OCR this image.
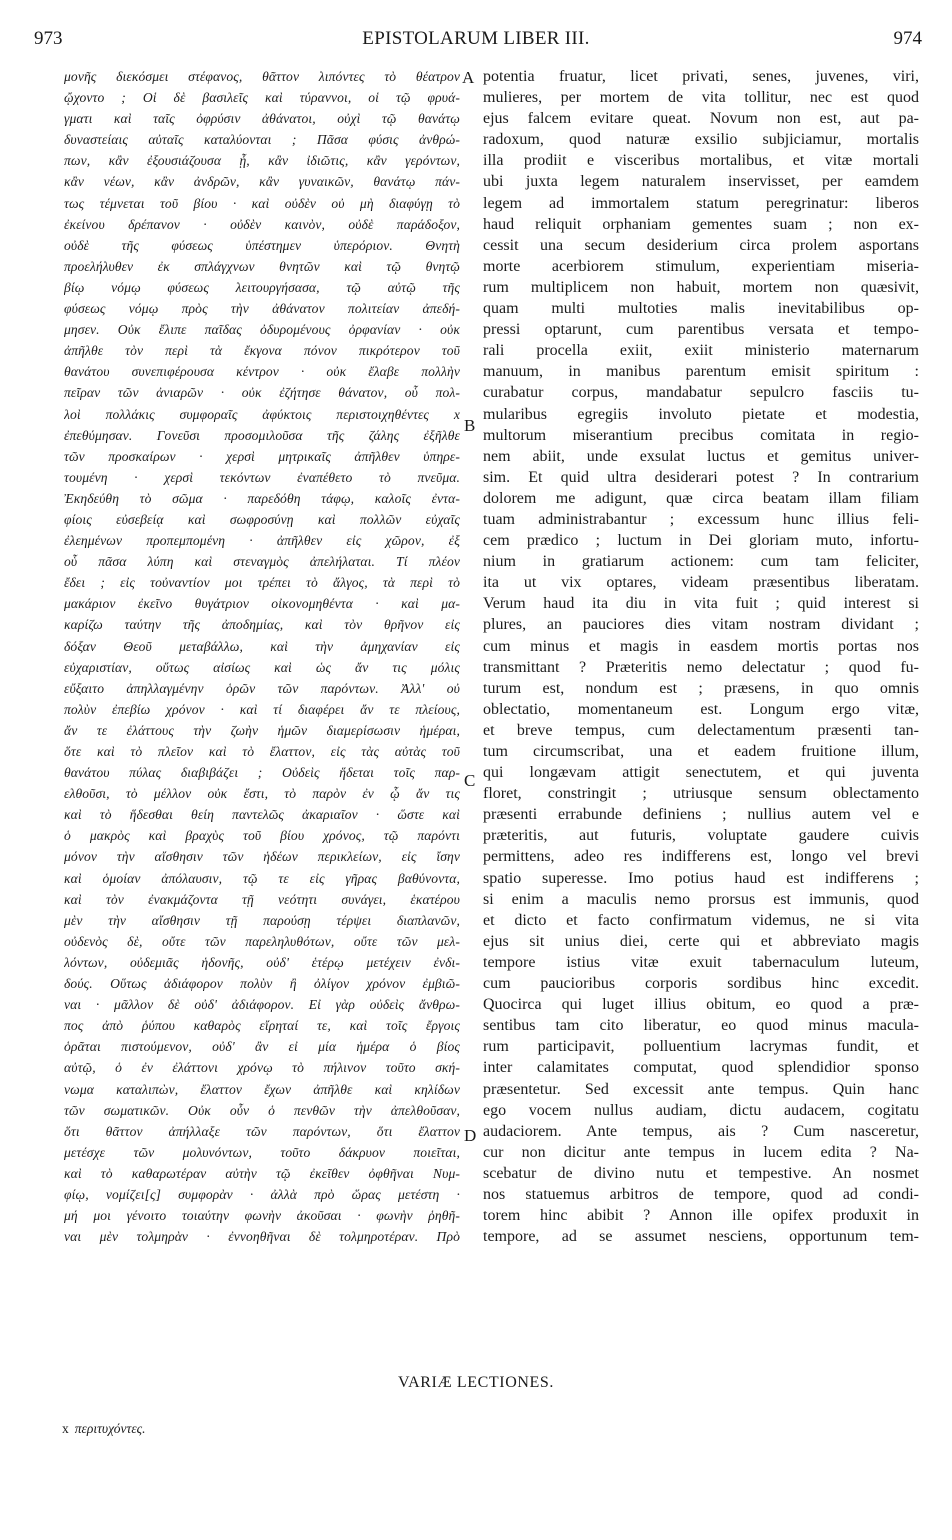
973	EPISTOLARUM LIBER III.	974
μονῆς διεκόσμει στέφανος, θᾶττον λιπόντες τὸ θέατρον
ᾤχοντο ; Οἱ δὲ βασιλεῖς καὶ τύραννοι, οἱ τῷ φρυά-
γματι καὶ ταῖς ὀφρύσιν ἀθάνατοι, οὐχὶ τῷ θανάτῳ
δυναστείαις αὐταῖς καταλύονται ; Πᾶσα φύσις ἀνθρώ-
πων, κἂν ἐξουσιάζουσα ᾖ, κἂν ἰδιῶτις, κἂν γερόντων,
κἂν νέων, κἂν ἀνδρῶν, κἂν γυναικῶν, θανάτῳ πάν-
τως τέμνεται τοῦ βίου · καὶ οὐδὲν οὐ μὴ διαφύγῃ τὸ
ἐκείνου δρέπανον · οὐδὲν καινὸν, οὐδὲ παράδοξον,
οὐδὲ τῆς φύσεως ὑπέστημεν ὑπερόριον. Θνητὴ
προελήλυθεν ἐκ σπλάγχνων θνητῶν καὶ τῷ θνητῷ
βίῳ νόμῳ φύσεως λειτουργήσασα, τῷ αὐτῷ τῆς
φύσεως νόμῳ πρὸς τὴν ἀθάνατον πολιτείαν ἀπεδή-
μησεν. Οὐκ ἔλιπε παῖδας ὀδυρομένους ὀρφανίαν · οὐκ
ἀπῆλθε τὸν περὶ τὰ ἔκγονα πόνον πικρότερον τοῦ
θανάτου συνεπιφέρουσα κέντρον · οὐκ ἔλαβε πολλὴν
πεῖραν τῶν ἀνιαρῶν · οὐκ ἐζήτησε θάνατον, οὗ πολ-
λοὶ πολλάκις συμφοραῖς ἀφύκτοις περιστοιχηθέντες x
ἐπεθύμησαν. Γονεῦσι προσομιλοῦσα τῆς ζάλης ἐξῆλθε
τῶν προσκαίρων · χερσὶ μητρικαῖς ἀπῆλθεν ὑπηρε-
τουμένη · χερσὶ τεκόντων ἐναπέθετο τὸ πνεῦμα.
Ἐκηδεύθη τὸ σῶμα · παρεδόθη τάφῳ, καλοῖς ἐντα-
φίοις εὐσεβείᾳ καὶ σωφροσύνῃ καὶ πολλῶν εὐχαῖς
ἐλεημένων προπεμπομένη · ἀπῆλθεν εἰς χῶρον, ἐξ
οὗ πᾶσα λύπη καὶ στεναγμὸς ἀπελήλαται. Τί πλέον
ἔδει ; εἰς τοὐναντίον μοι τρέπει τὸ ἄλγος, τὰ περὶ τὸ
μακάριον ἐκεῖνο θυγάτριον οἰκονομηθέντα · καὶ μα-
καρίζω ταύτην τῆς ἀποδημίας, καὶ τὸν θρῆνον εἰς
δόξαν Θεοῦ μεταβάλλω, καὶ τὴν ἀμηχανίαν εἰς
εὐχαριστίαν, οὕτως αἰσίως καὶ ὡς ἄν τις μόλις
εὔξαιτο ἀπηλλαγμένην ὁρῶν τῶν παρόντων. Ἀλλ' οὐ
πολὺν ἐπεβίω χρόνον · καὶ τί διαφέρει ἄν τε πλείους,
ἄν τε ἐλάττους τὴν ζωὴν ἡμῶν διαμερίσωσιν ἡμέραι,
ὅτε καὶ τὸ πλεῖον καὶ τὸ ἔλαττον, εἰς τὰς αὐτὰς τοῦ
θανάτου πύλας διαβιβάζει ; Οὐδεὶς ἥδεται τοῖς παρ-
ελθοῦσι, τὸ μέλλον οὐκ ἔστι, τὸ παρὸν ἐν ᾧ ἄν τις
καὶ τὸ ἥδεσθαι θείη παντελῶς ἀκαριαῖον · ὥστε καὶ
ὁ μακρὸς καὶ βραχὺς τοῦ βίου χρόνος, τῷ παρόντι
μόνον τὴν αἴσθησιν τῶν ἡδέων περικλείων, εἰς ἴσην
καὶ ὁμοίαν ἀπόλαυσιν, τῷ τε εἰς γῆρας βαθύνοντα,
καὶ τὸν ἐνακμάζοντα τῇ νεότητι συνάγει, ἑκατέρου
μὲν τὴν αἴσθησιν τῇ παρούσῃ τέρψει διαπλανῶν,
οὐδενὸς δὲ, οὔτε τῶν παρεληλυθότων, οὔτε τῶν μελ-
λόντων, οὐδεμιᾶς ἡδονῆς, οὐδ' ἑτέρῳ μετέχειν ἐνδι-
δούς. Οὕτως ἀδιάφορον πολὺν ἢ ὀλίγον χρόνον ἐμβιῶ-
ναι · μᾶλλον δὲ οὐδ' ἀδιάφορον. Εἰ γὰρ οὐδεὶς ἄνθρω-
πος ἀπὸ ῥύπου καθαρὸς εἴρηταί τε, καὶ τοῖς ἔργοις
ὁρᾶται πιστούμενον, οὐδ' ἂν εἰ μία ἡμέρα ὁ βίος
αὐτῷ, ὁ ἐν ἐλάττονι χρόνῳ τὸ πήλινον τοῦτο σκή-
νωμα καταλιπὼν, ἔλαττον ἔχων ἀπῆλθε καὶ κηλίδων
τῶν σωματικῶν. Οὐκ οὖν ὁ πενθῶν τὴν ἀπελθοῦσαν,
ὅτι θᾶττον ἀπήλλαξε τῶν παρόντων, ὅτι ἔλαττον
μετέσχε τῶν μολυνόντων, τοῦτο δάκρυον ποιεῖται,
καὶ τὸ καθαρωτέραν αὐτὴν τῷ ἐκεῖθεν ὀφθῆναι Νυμ-
φίῳ, νομίζει[ς] συμφορὰν · ἀλλὰ πρὸ ὥρας μετέστη ·
μή μοι γένοιτο τοιαύτην φωνὴν ἀκοῦσαι · φωνὴν ῥηθῆ-
ναι μὲν τολμηρὰν · ἐννοηθῆναι δὲ τολμηροτέραν. Πρὸ
potentia fruatur, licet privati, senes, juvenes, viri,
mulieres, per mortem de vita tollitur, nec est quod
ejus falcem evitare queat. Novum non est, aut pa-
radoxum, quod naturæ exsilio subjiciamur, mortalis
illa prodiit e visceribus mortalibus, et vitæ mortali
ubi juxta legem naturalem inservisset, per eamdem
legem ad immortalem statum peregrinatur: liberos
haud reliquit orphaniam gementes suam ; non ex-
cessit una secum desiderium circa prolem asportans
morte acerbiorem stimulum, experientiam miseria-
rum multiplicem non habuit, mortem non quæsivit,
quam multi multoties malis inevitabilibus op-
pressi optarunt, cum parentibus versata et tempo-
rali procella exiit, exiit ministerio maternarum
manuum, in manibus parentum emisit spiritum :
curabatur corpus, mandabatur sepulcro fasciis tu-
mularibus egregiis involuto pietate et modestia,
multorum miserantium precibus comitata in regio-
nem abiit, unde exsulat luctus et gemitus univer-
sim. Et quid ultra desiderari potest ? In contrarium
dolorem me adigunt, quæ circa beatam illam filiam
tuam administrabantur ; excessum hunc illius feli-
cem prædico ; luctum in Dei gloriam muto, infortu-
nium in gratiarum actionem: cum tam feliciter,
ita ut vix optares, videam præsentibus liberatam.
Verum haud ita diu in vita fuit ; quid interest si
plures, an pauciores dies vitam nostram dividant ;
cum minus et magis in easdem mortis portas nos
transmittant ? Præteritis nemo delectatur ; quod fu-
turum est, nondum est ; præsens, in quo omnis
oblectatio, momentaneum est. Longum ergo vitæ,
et breve tempus, cum delectamentum præsenti tan-
tum circumscribat, una et eadem fruitione illum,
qui longævam attigit senectutem, et qui juventa
floret, constringit ; utriusque sensum oblectamento
præsenti errabunde definiens ; nullius autem vel e
præteritis, aut futuris, voluptate gaudere cuivis
permittens, adeo res indifferens est, longo vel brevi
spatio superesse. Imo potius haud est indifferens ;
si enim a maculis nemo prorsus est immunis, quod
et dicto et facto confirmatum videmus, ne si vita
ejus sit unius diei, certe qui et abbreviato magis
tempore istius vitæ exuit tabernaculum luteum,
cum paucioribus corporis sordibus hinc excedit.
Quocirca qui luget illius obitum, eo quod a præ-
sentibus tam cito liberatur, eo quod minus macula-
rum participavit, polluentium lacrymas fundit, et
inter calamitates computat, quod splendidior sponso
præsentetur. Sed excessit ante tempus. Quin hanc
ego vocem nullus audiam, dictu audacem, cogitatu
audaciorem. Ante tempus, ais ? Cum nasceretur,
cur non dicitur ante tempus in lucem edita ? Na-
scebatur de divino nutu et tempestive. An nosmet
nos statuemus arbitros de tempore, quod ad condi-
torem hinc abibit ? Annon ille opifex produxit in
tempore, ad se assumet nesciens, opportunum tem-
A
B
C
D
VARIÆ LECTIONES.
x περιτυχόντες.
